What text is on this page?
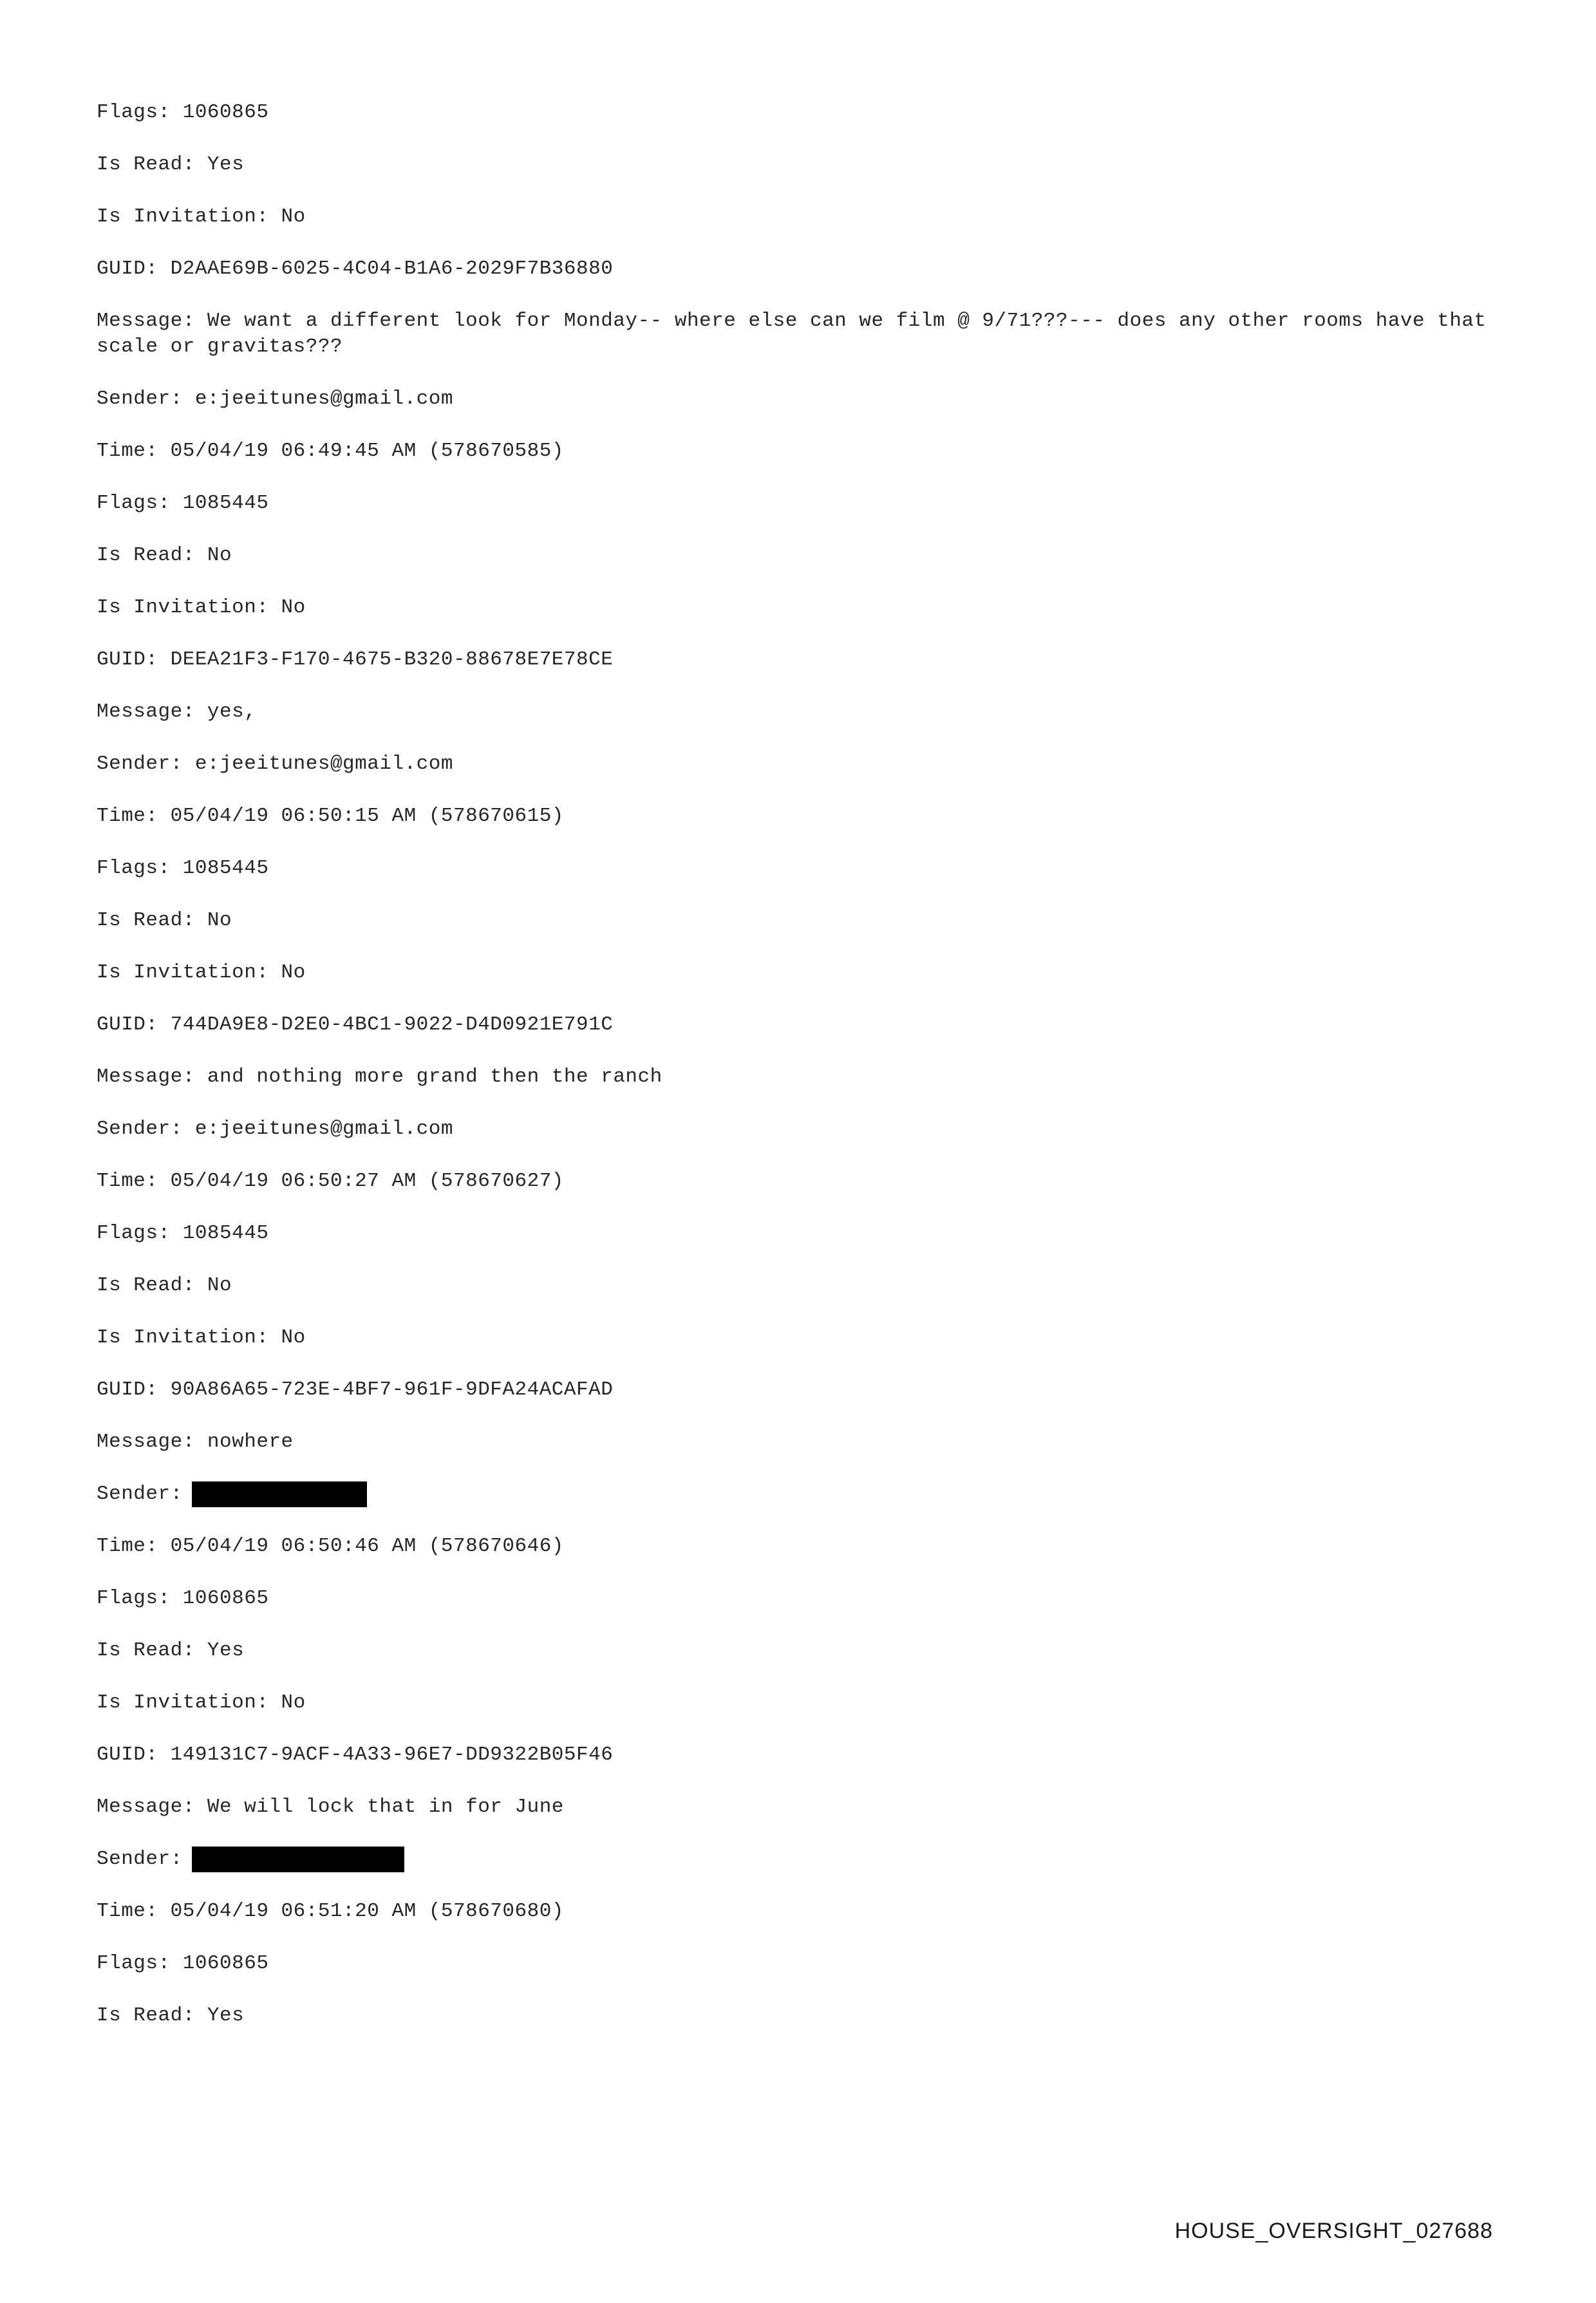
Flags: 1060865
Is Read: Yes
Is Invitation: No
GUID: D2AAE69B-6025-4C04-B1A6-2029F7B36880
Message: We want a different look for Monday-- where else can we film @ 9/71???--- does any other rooms have that scale or gravitas???
Sender: e:jeeitunes@gmail.com
Time: 05/04/19 06:49:45 AM (578670585)
Flags: 1085445
Is Read: No
Is Invitation: No
GUID: DEEA21F3-F170-4675-B320-88678E7E78CE
Message: yes,
Sender: e:jeeitunes@gmail.com
Time: 05/04/19 06:50:15 AM (578670615)
Flags: 1085445
Is Read: No
Is Invitation: No
GUID: 744DA9E8-D2E0-4BC1-9022-D4D0921E791C
Message: and nothing more grand then the ranch
Sender: e:jeeitunes@gmail.com
Time: 05/04/19 06:50:27 AM (578670627)
Flags: 1085445
Is Read: No
Is Invitation: No
GUID: 90A86A65-723E-4BF7-961F-9DFA24ACAFAD
Message: nowhere
Sender:
Time: 05/04/19 06:50:46 AM (578670646)
Flags: 1060865
Is Read: Yes
Is Invitation: No
GUID: 149131C7-9ACF-4A33-96E7-DD9322B05F46
Message: We will lock that in for June
Sender:
Time: 05/04/19 06:51:20 AM (578670680)
Flags: 1060865
Is Read: Yes
HOUSE_OVERSIGHT_027688
